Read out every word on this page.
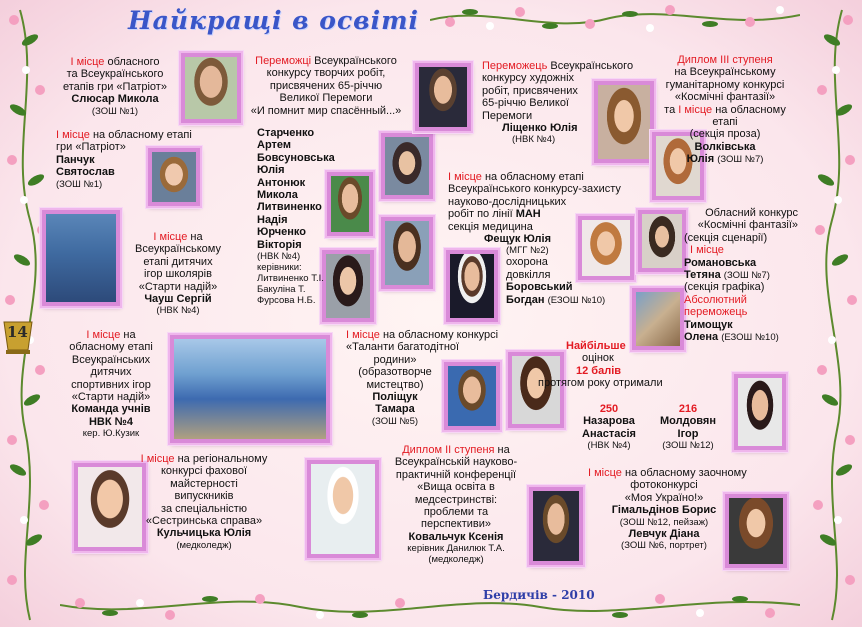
Найкращі в освіті
14
І місце обласного
та Всеукраїнського
етапів гри «Патріот»
Слюсар Микола
(ЗОШ №1)
І місце на обласному етапі
гри «Патріот»
Панчук
Святослав
(ЗОШ №1)
І місце на
Всеукраїнському
етапі дитячих
ігор школярів
«Старти надій»
Чауш Сергій
(НВК №4)
І місце на
обласному етапі
Всеукраїнських
дитячих
спортивних ігор
«Старти надій»
Команда учнів
НВК №4
кер. Ю.Кузик
І місце на регіональному
конкурсі фахової
майстерності
випускників
за спеціальністю
«Сестринська справа»
Кульчицька Юлія
(медколедж)
Переможці Всеукраїнського
конкурсу творчих робіт,
присвячених 65-річчю
Великої Перемоги
«И помнит мир спасённый...»
Старченко
Артем
Бовсуновська
Юлія
Антонюк
Микола
Литвиненко
Надія
Юрченко
Вікторія
(НВК №4)
керівники:
Литвиненко Т.І.
Бакуліна Т.
Фурсова Н.Б.
Переможець Всеукраїнського
конкурсу художніх
робіт, присвячених
65-річчю Великої
Перемоги
Ліщенко Юлія
(НВК №4)
Диплом ІІІ ступеня
на Всеукраїнському
гуманітарному конкурсі
«Космічні фантазії»
та І місце на обласному
етапі
(секція проза)
Волківська
Юлія (ЗОШ №7)
І місце на обласному етапі
Всеукраїнського конкурсу-захисту
науково-дослідницьких
робіт по лінії МАН
секція медицина
Фещук Юлія
(МГГ №2)
охорона
довкілля
Боровський
Богдан (ЕЗОШ №10)
Обласний конкурс
«Космічні фантазії»
(секція сценарії)
І місце
Романовська
Тетяна (ЗОШ №7)
(секція графіка)
Абсолютний
переможець
Тимощук
Олена (ЕЗОШ №10)
І місце на обласному конкурсі
«Таланти багатодітної
родини»
(образотворче
мистецтво)
Поліщук
Тамара
(ЗОШ №5)
Найбільше
оцінок
12 балів
протягом року отримали
250
Назарова
Анастасія
(НВК №4)
216
Молдовян
Ігор
(ЗОШ №12)
Диплом ІІ ступеня на
Всеукраїнській науково-
практичній конференції
«Вища освіта в
медсестринстві:
проблеми та
перспективи»
Ковальчук Ксенія
керівник Данилюк Т.А.
(медколедж)
І місце на обласному заочному
фотоконкурсі
«Моя Україно!»
Гімальдінов Борис
(ЗОШ №12, пейзаж)
Левчук Діана
(ЗОШ №6, портрет)
Бердичів - 2010
